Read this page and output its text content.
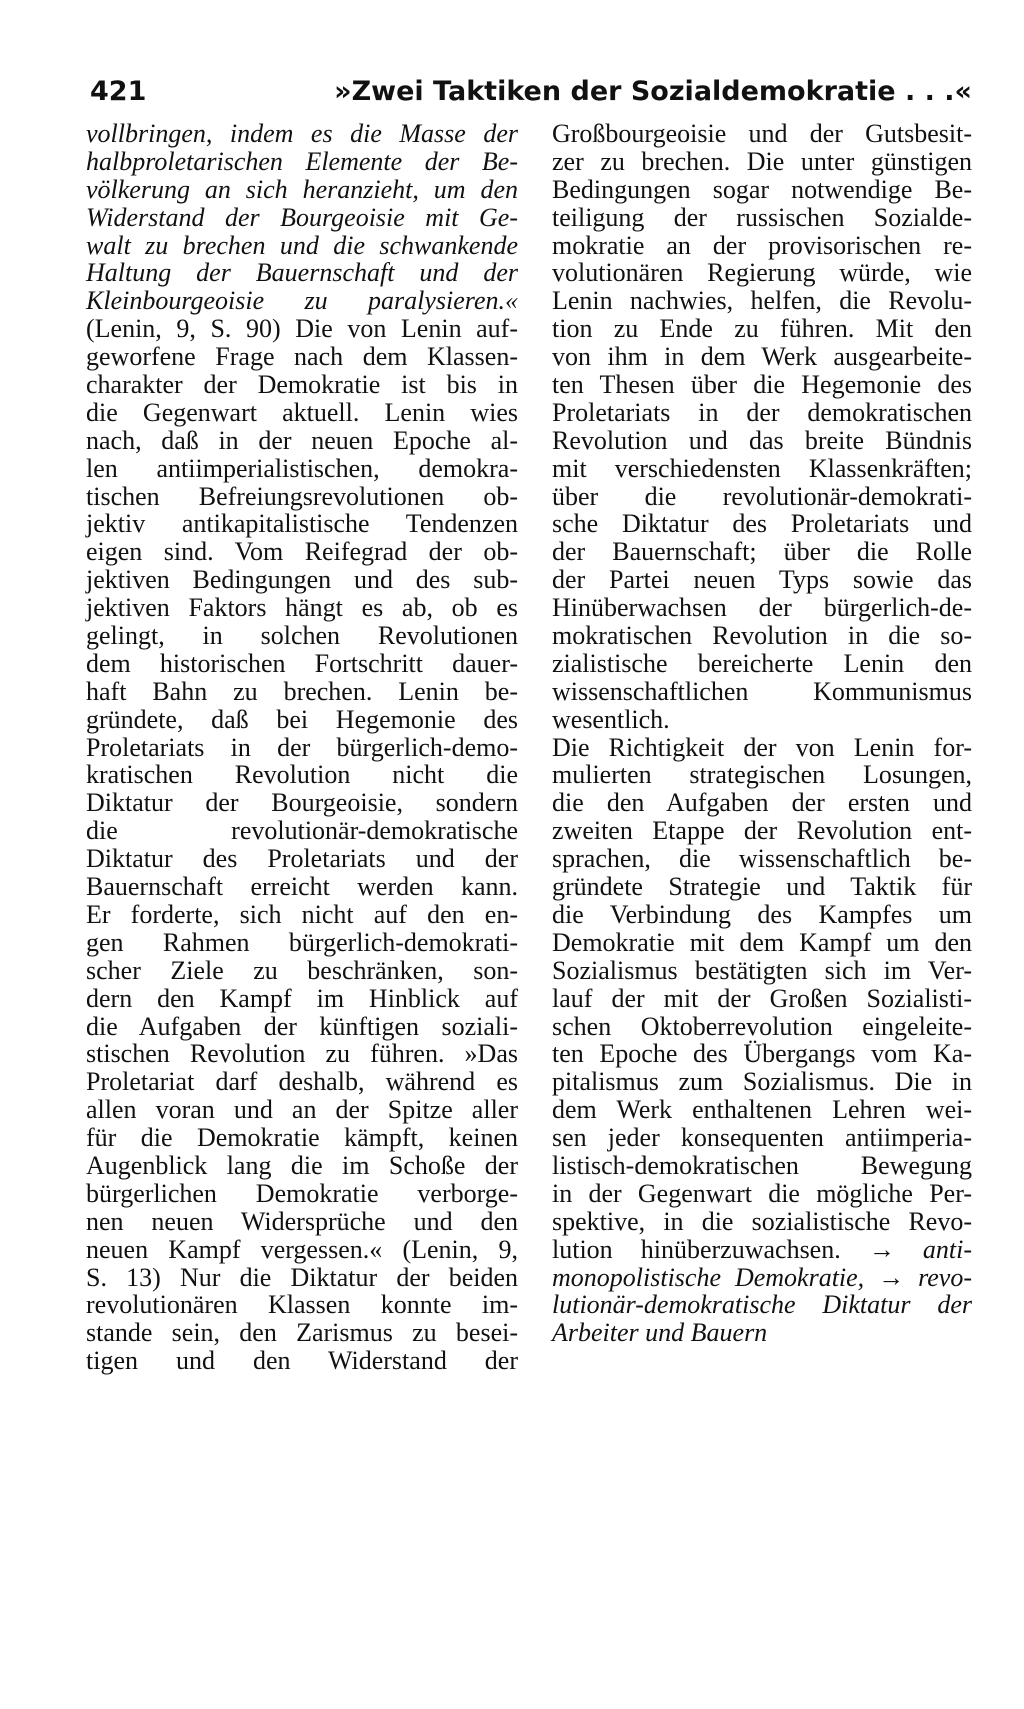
421	»Zwei Taktiken der Sozialdemokratie . . .«
vollbringen, indem es die Masse der
halbproletarischen Elemente der Be-
völkerung an sich heranzieht, um den
Widerstand der Bourgeoisie mit Ge-
walt zu brechen und die schwankende
Haltung der Bauernschaft und der
Kleinbourgeoisie zu paralysieren.«
(Lenin, 9, S. 90) Die von Lenin auf-
geworfene Frage nach dem Klassen-
charakter der Demokratie ist bis in
die Gegenwart aktuell. Lenin wies
nach, daß in der neuen Epoche al-
len antiimperialistischen, demokra-
tischen Befreiungsrevolutionen ob-
jektiv antikapitalistische Tendenzen
eigen sind. Vom Reifegrad der ob-
jektiven Bedingungen und des sub-
jektiven Faktors hängt es ab, ob es
gelingt, in solchen Revolutionen
dem historischen Fortschritt dauer-
haft Bahn zu brechen. Lenin be-
gründete, daß bei Hegemonie des
Proletariats in der bürgerlich-demo-
kratischen Revolution nicht die
Diktatur der Bourgeoisie, sondern
die revolutionär-demokratische
Diktatur des Proletariats und der
Bauernschaft erreicht werden kann.
Er forderte, sich nicht auf den en-
gen Rahmen bürgerlich-demokrati-
scher Ziele zu beschränken, son-
dern den Kampf im Hinblick auf
die Aufgaben der künftigen soziali-
stischen Revolution zu führen. »Das
Proletariat darf deshalb, während es
allen voran und an der Spitze aller
für die Demokratie kämpft, keinen
Augenblick lang die im Schoße der
bürgerlichen Demokratie verborge-
nen neuen Widersprüche und den
neuen Kampf vergessen.« (Lenin, 9,
S. 13) Nur die Diktatur der beiden
revolutionären Klassen konnte im-
stande sein, den Zarismus zu besei-
tigen und den Widerstand der
Großbourgeoisie und der Gutsbesit-
zer zu brechen. Die unter günstigen
Bedingungen sogar notwendige Be-
teiligung der russischen Sozialde-
mokratie an der provisorischen re-
volutionären Regierung würde, wie
Lenin nachwies, helfen, die Revolu-
tion zu Ende zu führen. Mit den
von ihm in dem Werk ausgearbeite-
ten Thesen über die Hegemonie des
Proletariats in der demokratischen
Revolution und das breite Bündnis
mit verschiedensten Klassenkräften;
über die revolutionär-demokrati-
sche Diktatur des Proletariats und
der Bauernschaft; über die Rolle
der Partei neuen Typs sowie das
Hinüberwachsen der bürgerlich-de-
mokratischen Revolution in die so-
zialistische bereicherte Lenin den
wissenschaftlichen Kommunismus
wesentlich.
Die Richtigkeit der von Lenin for-
mulierten strategischen Losungen,
die den Aufgaben der ersten und
zweiten Etappe der Revolution ent-
sprachen, die wissenschaftlich be-
gründete Strategie und Taktik für
die Verbindung des Kampfes um
Demokratie mit dem Kampf um den
Sozialismus bestätigten sich im Ver-
lauf der mit der Großen Sozialisti-
schen Oktoberrevolution eingeleite-
ten Epoche des Übergangs vom Ka-
pitalismus zum Sozialismus. Die in
dem Werk enthaltenen Lehren wei-
sen jeder konsequenten antiimperia-
listisch-demokratischen Bewegung
in der Gegenwart die mögliche Per-
spektive, in die sozialistische Revo-
lution hinüberzuwachsen. → anti-
monopolistische Demokratie, → revo-
lutionär-demokratische Diktatur der
Arbeiter und Bauern
